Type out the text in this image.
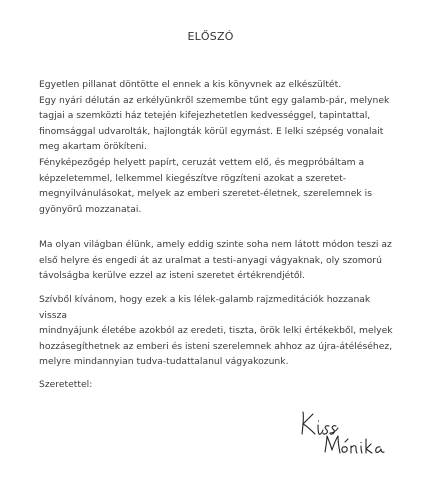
ELŐSZÓ

Egyetlen pillanat döntötte el ennek a kis könyvnek az elkészültét.

Egy nyári délután az erkélyünkről szemembe tűnt egy galamb-pár, melynek

tagjai a szemközti ház tetején kifejezhetetlen kedvességgel, tapintattal,

finomsággal udvarolták, hajlongták körül egymást. E lelki szépség vonalait

meg akartam örökíteni.

Fényképezőgép helyett papírt, ceruzát vettem elő, és megpróbáltam a

képzeletemmel, lelkemmel kiegészítve rögzíteni azokat a szeretet-

megnyilvánulásokat, melyek az emberi szeretet-életnek, szerelemnek is

gyönyörű mozzanatai.

Ma olyan világban élünk, amely eddig szinte soha nem látott módon teszi az

első helyre és engedi át az uralmat a testi-anyagi vágyaknak, oly szomorú

távolságba kerülve ezzel az isteni szeretet értékrendjétől.

Szívből kívánom, hogy ezek a kis lélek-galamb rajzmeditációk hozzanak vissza

mindnyájunk életébe azokból az eredeti, tiszta, örök lelki értékekből, melyek

hozzásegíthetnek az emberi és isteni szerelemnek ahhoz az újra-átéléséhez,

melyre mindannyian tudva-tudattalanul vágyakozunk.

Szeretettel:
